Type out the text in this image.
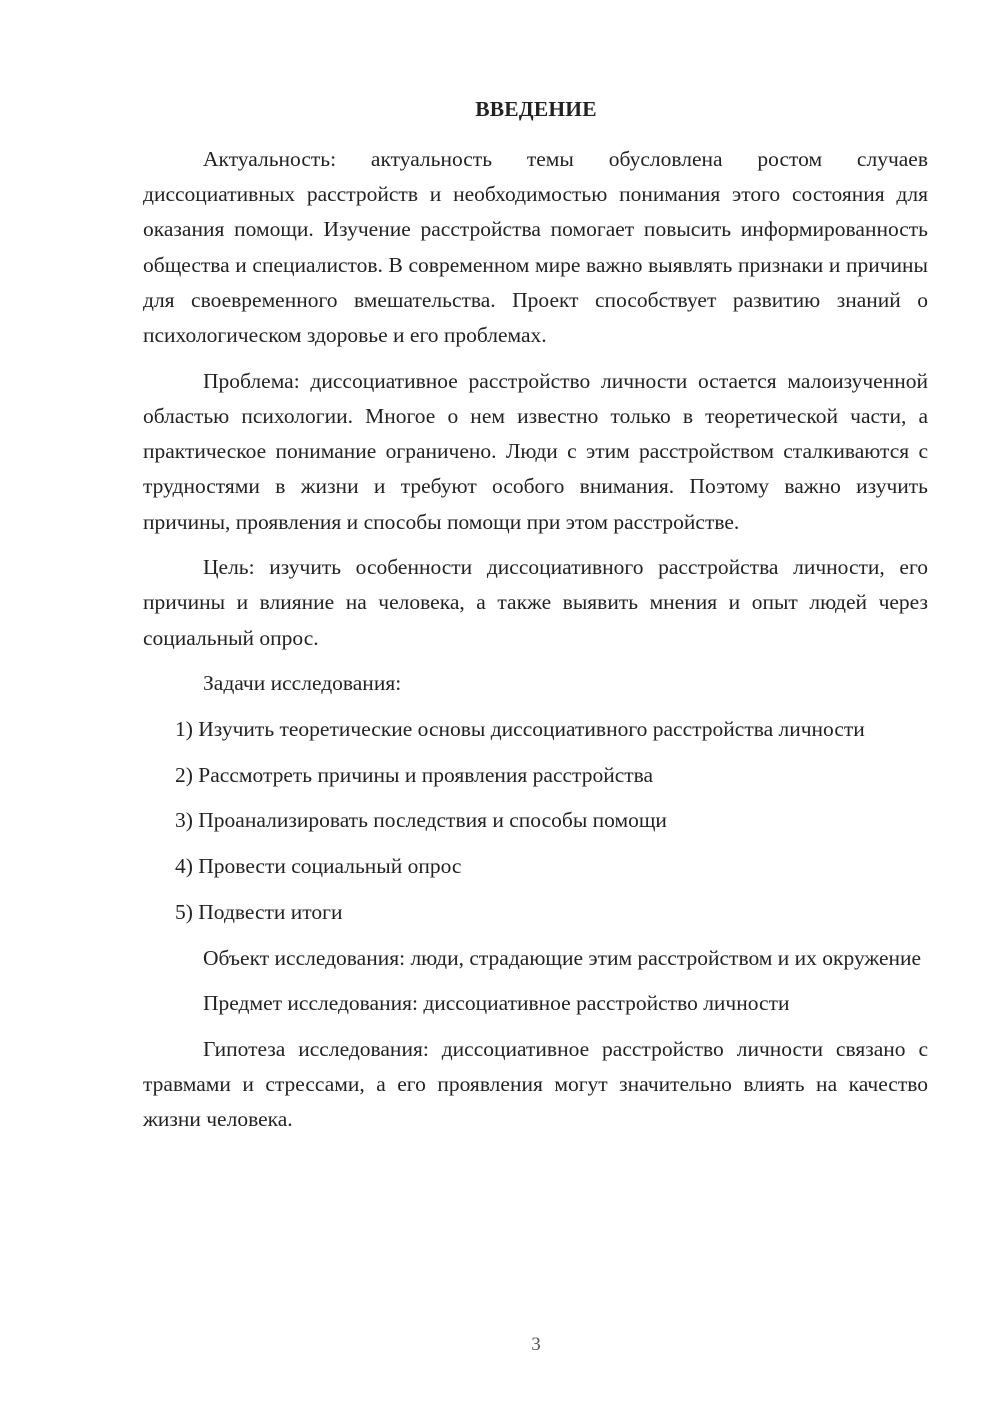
ВВЕДЕНИЕ

Актуальность: актуальность темы обусловлена ростом случаев диссоциативных расстройств и необходимостью понимания этого состояния для оказания помощи. Изучение расстройства помогает повысить информированность общества и специалистов. В современном мире важно выявлять признаки и причины для своевременного вмешательства. Проект способствует развитию знаний о психологическом здоровье и его проблемах.

Проблема: диссоциативное расстройство личности остается малоизученной областью психологии. Многое о нем известно только в теоретической части, а практическое понимание ограничено. Люди с этим расстройством сталкиваются с трудностями в жизни и требуют особого внимания. Поэтому важно изучить причины, проявления и способы помощи при этом расстройстве.

Цель: изучить особенности диссоциативного расстройства личности, его причины и влияние на человека, а также выявить мнения и опыт людей через социальный опрос.

Задачи исследования:

1) Изучить теоретические основы диссоциативного расстройства личности

2) Рассмотреть причины и проявления расстройства

3) Проанализировать последствия и способы помощи

4) Провести социальный опрос

5) Подвести итоги

Объект исследования: люди, страдающие этим расстройством и их окружение

Предмет исследования: диссоциативное расстройство личности

Гипотеза исследования: диссоциативное расстройство личности связано с травмами и стрессами, а его проявления могут значительно влиять на качество жизни человека.

3
